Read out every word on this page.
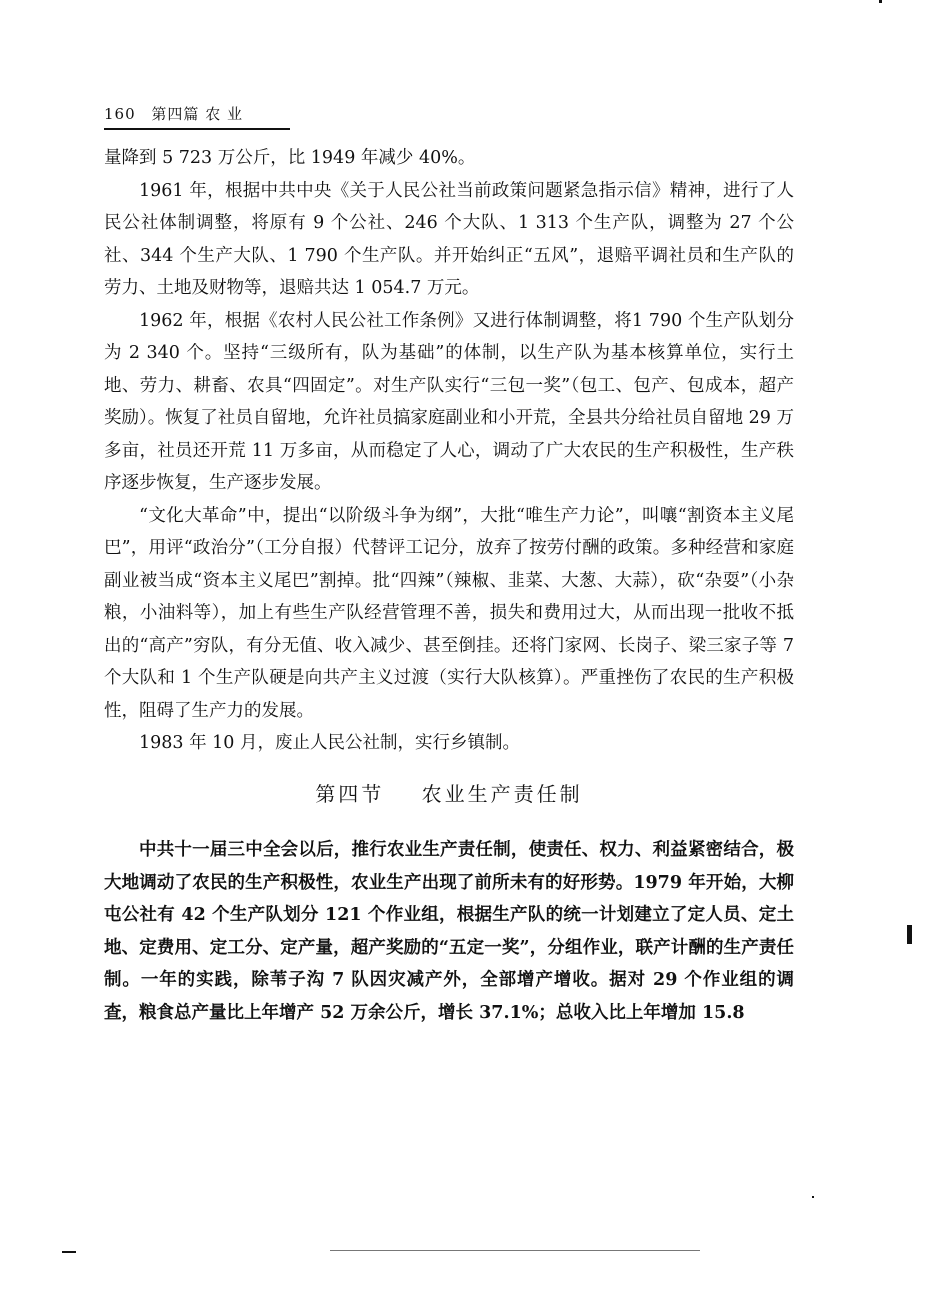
160 第四篇 农 业

量降到 5 723 万公斤，比 1949 年减少 40%。

1961 年，根据中共中央《关于人民公社当前政策问题紧急指示信》精神，进行了人民公社体制调整，将原有 9 个公社、246 个大队、1 313 个生产队，调整为 27 个公社、344 个生产大队、1 790 个生产队。并开始纠正“五风”，退赔平调社员和生产队的劳力、土地及财物等，退赔共达 1 054.7 万元。

1962 年，根据《农村人民公社工作条例》又进行体制调整，将1 790 个生产队划分为 2 340 个。坚持“三级所有，队为基础”的体制，以生产队为基本核算单位，实行土地、劳力、耕畜、农具“四固定”。对生产队实行“三包一奖”（包工、包产、包成本，超产奖励）。恢复了社员自留地，允许社员搞家庭副业和小开荒，全县共分给社员自留地 29 万多亩，社员还开荒 11 万多亩，从而稳定了人心，调动了广大农民的生产积极性，生产秩序逐步恢复，生产逐步发展。

“文化大革命”中，提出“以阶级斗争为纲”，大批“唯生产力论”，叫嚷“割资本主义尾巴”，用评“政治分”（工分自报）代替评工记分，放弃了按劳付酬的政策。多种经营和家庭副业被当成“资本主义尾巴”割掉。批“四辣”（辣椒、韭菜、大葱、大蒜），砍“杂耍”（小杂粮，小油料等），加上有些生产队经营管理不善，损失和费用过大，从而出现一批收不抵出的“高产”穷队，有分无值、收入减少、甚至倒挂。还将门家网、长岗子、梁三家子等 7 个大队和 1 个生产队硬是向共产主义过渡（实行大队核算）。严重挫伤了农民的生产积极性，阻碍了生产力的发展。

1983 年 10 月，废止人民公社制，实行乡镇制。

第四节 农业生产责任制

中共十一届三中全会以后，推行农业生产责任制，使责任、权力、利益紧密结合，极大地调动了农民的生产积极性，农业生产出现了前所未有的好形势。1979 年开始，大柳屯公社有 42 个生产队划分 121 个作业组，根据生产队的统一计划建立了定人员、定土地、定费用、定工分、定产量，超产奖励的“五定一奖”，分组作业，联产计酬的生产责任制。一年的实践，除苇子沟 7 队因灾减产外，全部增产增收。据对 29 个作业组的调查，粮食总产量比上年增产 52 万余公斤，增长 37.1%；总收入比上年增加 15.8
